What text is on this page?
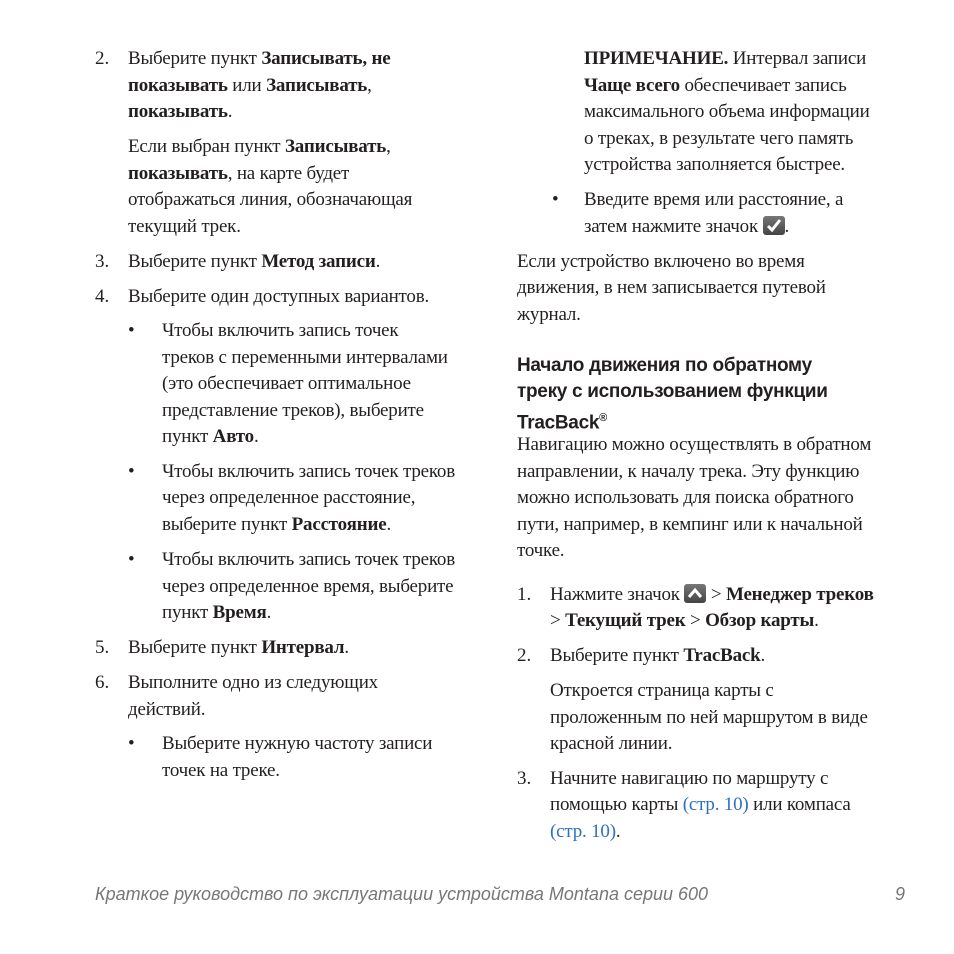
2. Выберите пункт Записывать, не
показывать или Записывать,
показывать.
Если выбран пункт Записывать,
показывать, на карте будет
отображаться линия, обозначающая
текущий трек.
3. Выберите пункт Метод записи.
4. Выберите один доступных вариантов.
• Чтобы включить запись точек
треков с переменными интервалами
(это обеспечивает оптимальное
представление треков), выберите
пункт Авто.
• Чтобы включить запись точек треков
через определенное расстояние,
выберите пункт Расстояние.
• Чтобы включить запись точек треков
через определенное время, выберите
пункт Время.
5. Выберите пункт Интервал.
6. Выполните одно из следующих
действий.
• Выберите нужную частоту записи
точек на треке.
ПРИМЕЧАНИЕ. Интервал записи
Чаще всего обеспечивает запись
максимального объема информации
о треках, в результате чего память
устройства заполняется быстрее.
• Введите время или расстояние, а
затем нажмите значок
.
Если устройство включено во время
движения, в нем записывается путевой
журнал.
Начало движения по обратному
треку с использованием функции
TracBack®
Навигацию можно осуществлять в обратном
направлении, к началу трека. Эту функцию
можно использовать для поиска обратного
пути, например, в кемпинг или к начальной
точке.
1. Нажмите значок
> Менеджер треков
> Текущий трек > Обзор карты.
2. Выберите пункт TracBack.
Откроется страница карты с
проложенным по ней маршрутом в виде
красной линии.
3. Начните навигацию по маршруту с
помощью карты (стр. 10) или компаса
(стр. 10).
Краткое руководство по эксплуатации устройства Montana серии 600	9
